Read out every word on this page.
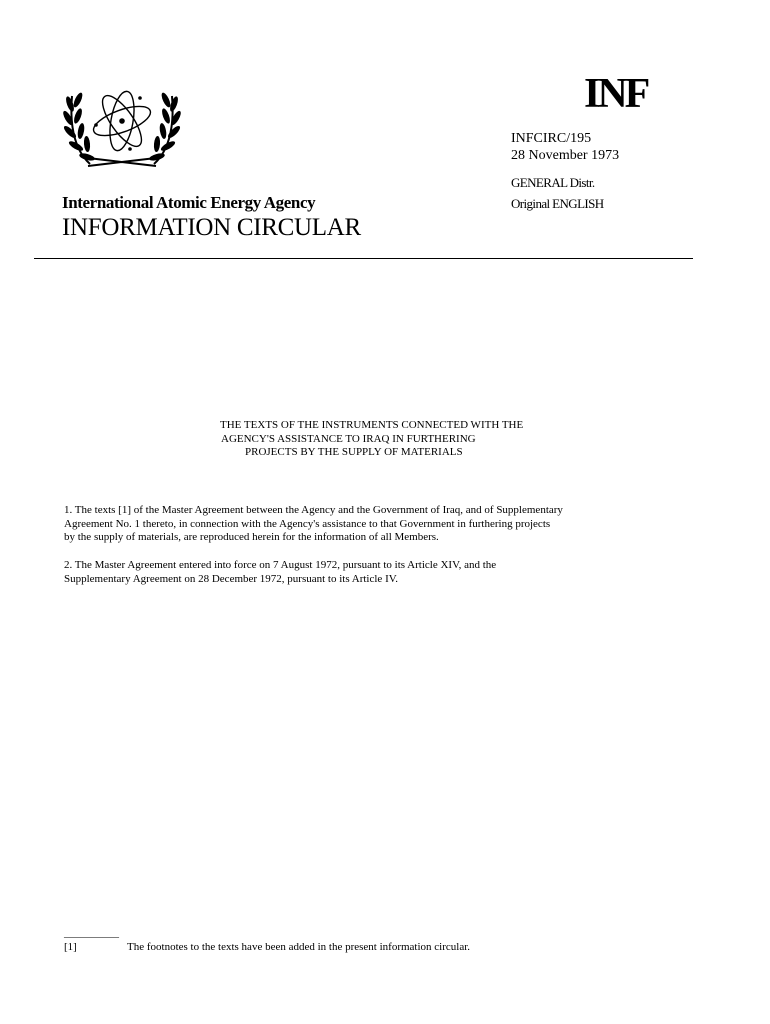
International Atomic Energy Agency
INFORMATION CIRCULAR
INF
INFCIRC/195
28 November 1973
GENERAL Distr.
Original ENGLISH
THE TEXTS OF THE INSTRUMENTS CONNECTED WITH THE
AGENCY'S ASSISTANCE TO IRAQ IN FURTHERING
PROJECTS BY THE SUPPLY OF MATERIALS
1. The texts [1] of the Master Agreement between the Agency and the Government of Iraq, and of Supplementary
Agreement No. 1 thereto, in connection with the Agency's assistance to that Government in furthering projects
by the supply of materials, are reproduced herein for the information of all Members.
2. The Master Agreement entered into force on 7 August 1972, pursuant to its Article XIV, and the
Supplementary Agreement on 28 December 1972, pursuant to its Article IV.
__________
[1]	The footnotes to the texts have been added in the present information circular.
